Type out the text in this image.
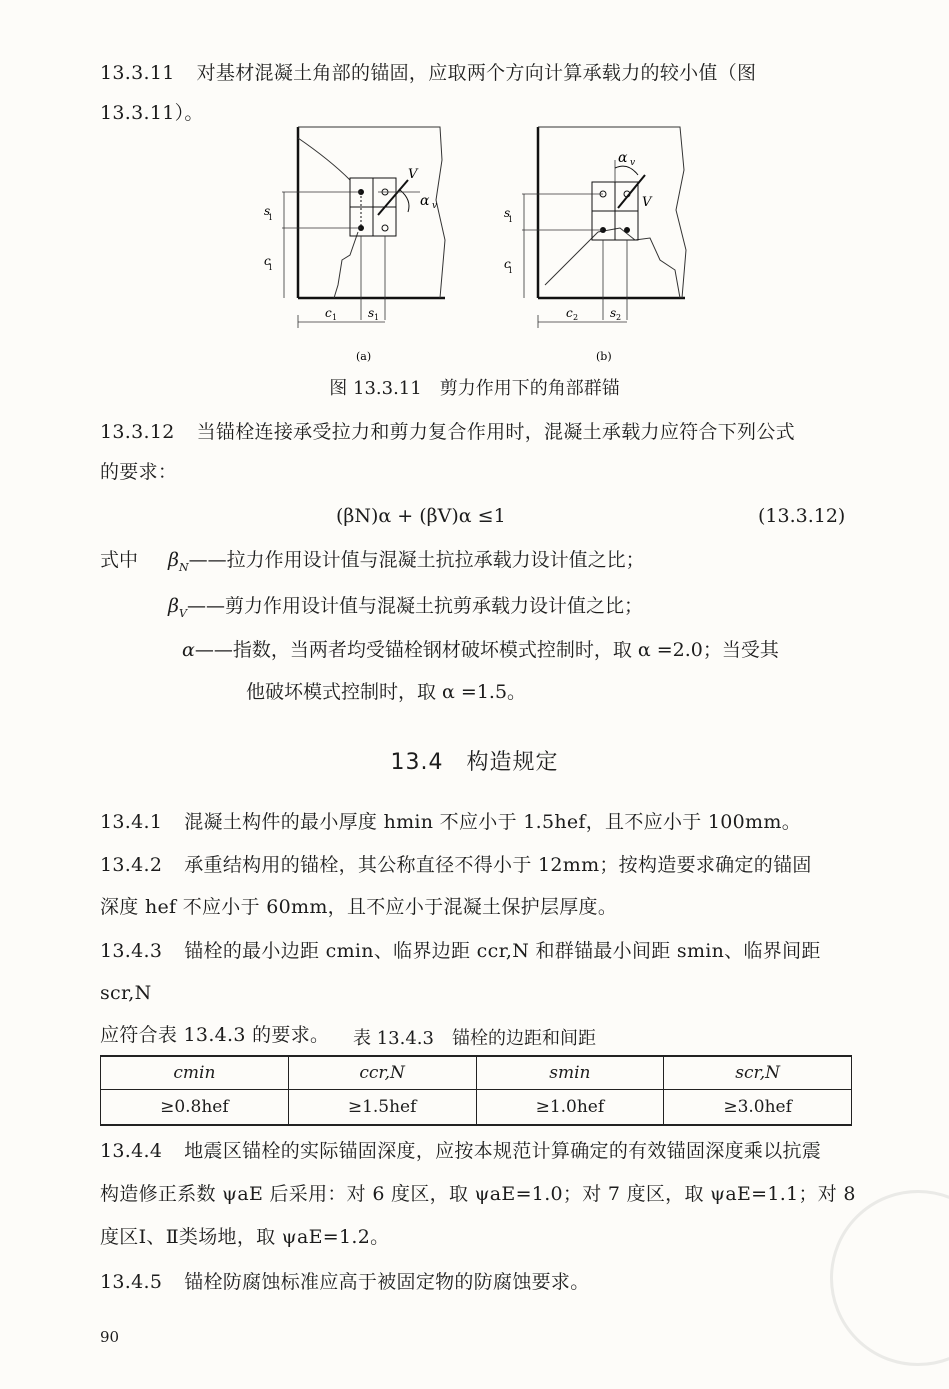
13.3.11 对基材混凝土角部的锚固，应取两个方向计算承载力的较小值（图
13.3.11）。
V
α v
s
1
c
1
c 1	s 1
(a)
V
α v
s
1
c
1
c 2	s 2
(b)
图 13.3.11　剪力作用下的角部群锚
13.3.12 当锚栓连接承受拉力和剪力复合作用时，混凝土承载力应符合下列公式
的要求：
(βN)α + (βV)α ≤1	(13.3.12)
式中 $\beta_N——$拉力作用设计值与混凝土抗拉承载力设计值之比；
$\beta_V——$剪力作用设计值与混凝土抗剪承载力设计值之比；
α——指数，当两者均受锚栓钢材破坏模式控制时，取 α =2.0；当受其
他破坏模式控制时，取 α =1.5。
13.4　构造规定
13.4.1 混凝土构件的最小厚度 hmin 不应小于 1.5hef，且不应小于 100mm。
13.4.2 承重结构用的锚栓，其公称直径不得小于 12mm；按构造要求确定的锚固
深度 hef 不应小于 60mm，且不应小于混凝土保护层厚度。
13.4.3 锚栓的最小边距 cmin、临界边距 ccr,N 和群锚最小间距 smin、临界间距 scr,N
应符合表 13.4.3 的要求。	表 13.4.3　锚栓的边距和间距
cmin	ccr,N	smin	scr,N
≥0.8hef	≥1.5hef	≥1.0hef	≥3.0hef
13.4.4 地震区锚栓的实际锚固深度，应按本规范计算确定的有效锚固深度乘以抗震
构造修正系数 ψaE 后采用：对 6 度区，取 ψaE=1.0；对 7 度区，取 ψaE=1.1；对 8
度区Ⅰ、Ⅱ类场地，取 ψaE=1.2。
13.4.5 锚栓防腐蚀标准应高于被固定物的防腐蚀要求。
90
